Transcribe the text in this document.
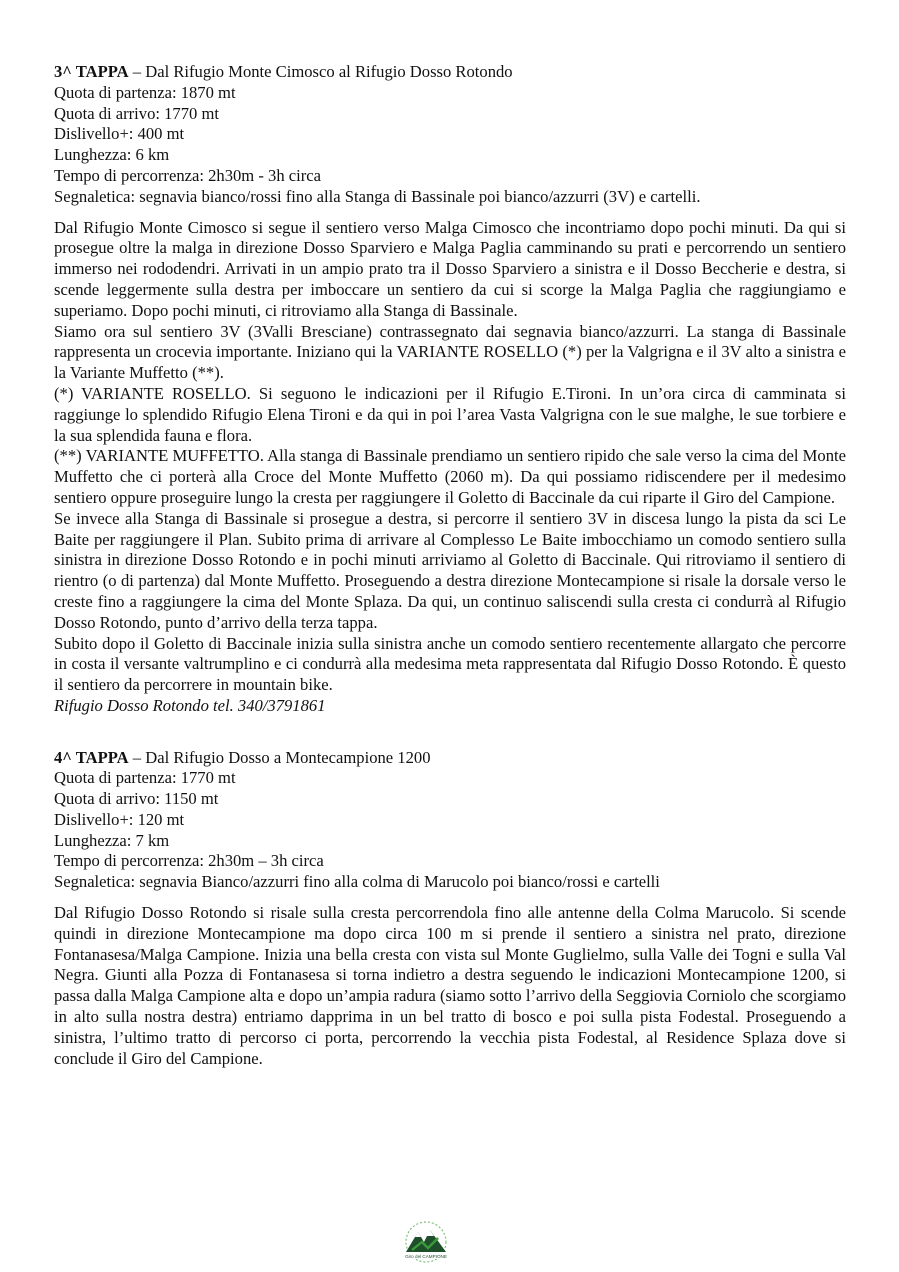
3^ TAPPA – Dal Rifugio Monte Cimosco al Rifugio Dosso Rotondo

Quota di partenza: 1870 mt

Quota di arrivo: 1770 mt

Dislivello+: 400 mt

Lunghezza: 6 km

Tempo di percorrenza: 2h30m - 3h circa

Segnaletica: segnavia bianco/rossi fino alla Stanga di Bassinale poi bianco/azzurri (3V) e cartelli.

Dal Rifugio Monte Cimosco si segue il sentiero verso Malga Cimosco che incontriamo dopo pochi minuti. Da qui si prosegue oltre la malga in direzione Dosso Sparviero e Malga Paglia camminando su prati e percorrendo un sentiero immerso nei rododendri. Arrivati in un ampio prato tra il Dosso Sparviero a sinistra e il Dosso Beccherie e destra, si scende leggermente sulla destra per imboccare un sentiero da cui si scorge la Malga Paglia che raggiungiamo e superiamo. Dopo pochi minuti, ci ritroviamo alla Stanga di Bassinale.

Siamo ora sul sentiero 3V (3Valli Bresciane) contrassegnato dai segnavia bianco/azzurri. La stanga di Bassinale rappresenta un crocevia importante. Iniziano qui la VARIANTE ROSELLO (*) per la Valgrigna e il 3V alto a sinistra e la Variante Muffetto (**).

(*) VARIANTE ROSELLO. Si seguono le indicazioni per il Rifugio E.Tironi. In un’ora circa di camminata si raggiunge lo splendido Rifugio Elena Tironi e da qui in poi l’area Vasta Valgrigna con le sue malghe, le sue torbiere e la sua splendida fauna e flora.

(**) VARIANTE MUFFETTO. Alla stanga di Bassinale prendiamo un sentiero ripido che sale verso la cima del Monte Muffetto che ci porterà alla Croce del Monte Muffetto (2060 m). Da qui possiamo ridiscendere per il medesimo sentiero oppure proseguire lungo la cresta per raggiungere il Goletto di Baccinale da cui riparte il Giro del Campione.

Se invece alla Stanga di Bassinale si prosegue a destra, si percorre il sentiero 3V in discesa lungo la pista da sci Le Baite per raggiungere il Plan. Subito prima di arrivare al Complesso Le Baite imbocchiamo un comodo sentiero sulla sinistra in direzione Dosso Rotondo e in pochi minuti arriviamo al Goletto di Baccinale. Qui ritroviamo il sentiero di rientro (o di partenza) dal Monte Muffetto. Proseguendo a destra direzione Montecampione si risale la dorsale verso le creste fino a raggiungere la cima del Monte Splaza. Da qui, un continuo saliscendi sulla cresta ci condurrà al Rifugio Dosso Rotondo, punto d’arrivo della terza tappa.

Subito dopo il Goletto di Baccinale inizia sulla sinistra anche un comodo sentiero recentemente allargato che percorre in costa il versante valtrumplino e ci condurrà alla medesima meta rappresentata dal Rifugio Dosso Rotondo. È questo il sentiero da percorrere in mountain bike.

Rifugio Dosso Rotondo tel. 340/3791861

4^ TAPPA – Dal Rifugio Dosso a Montecampione 1200

Quota di partenza: 1770 mt

Quota di arrivo: 1150 mt

Dislivello+: 120 mt

Lunghezza: 7 km

Tempo di percorrenza: 2h30m – 3h circa

Segnaletica: segnavia Bianco/azzurri fino alla colma di Marucolo poi bianco/rossi e cartelli

Dal Rifugio Dosso Rotondo si risale sulla cresta percorrendola fino alle antenne della Colma Marucolo. Si scende quindi in direzione Montecampione ma dopo circa 100 m si prende il sentiero a sinistra nel prato, direzione Fontanasesa/Malga Campione. Inizia una bella cresta con vista sul Monte Guglielmo, sulla Valle dei Togni e sulla Val Negra. Giunti alla Pozza di Fontanasesa si torna indietro a destra seguendo le indicazioni Montecampione 1200, si passa dalla Malga Campione alta e dopo un’ampia radura (siamo sotto l’arrivo della Seggiovia Corniolo che scorgiamo in alto sulla nostra destra) entriamo dapprima in un bel tratto di bosco e poi sulla pista Fodestal. Proseguendo a sinistra, l’ultimo tratto di percorso ci porta, percorrendo la vecchia pista Fodestal, al Residence Splaza dove si conclude il Giro del Campione.

Giro del CAMPIONE
